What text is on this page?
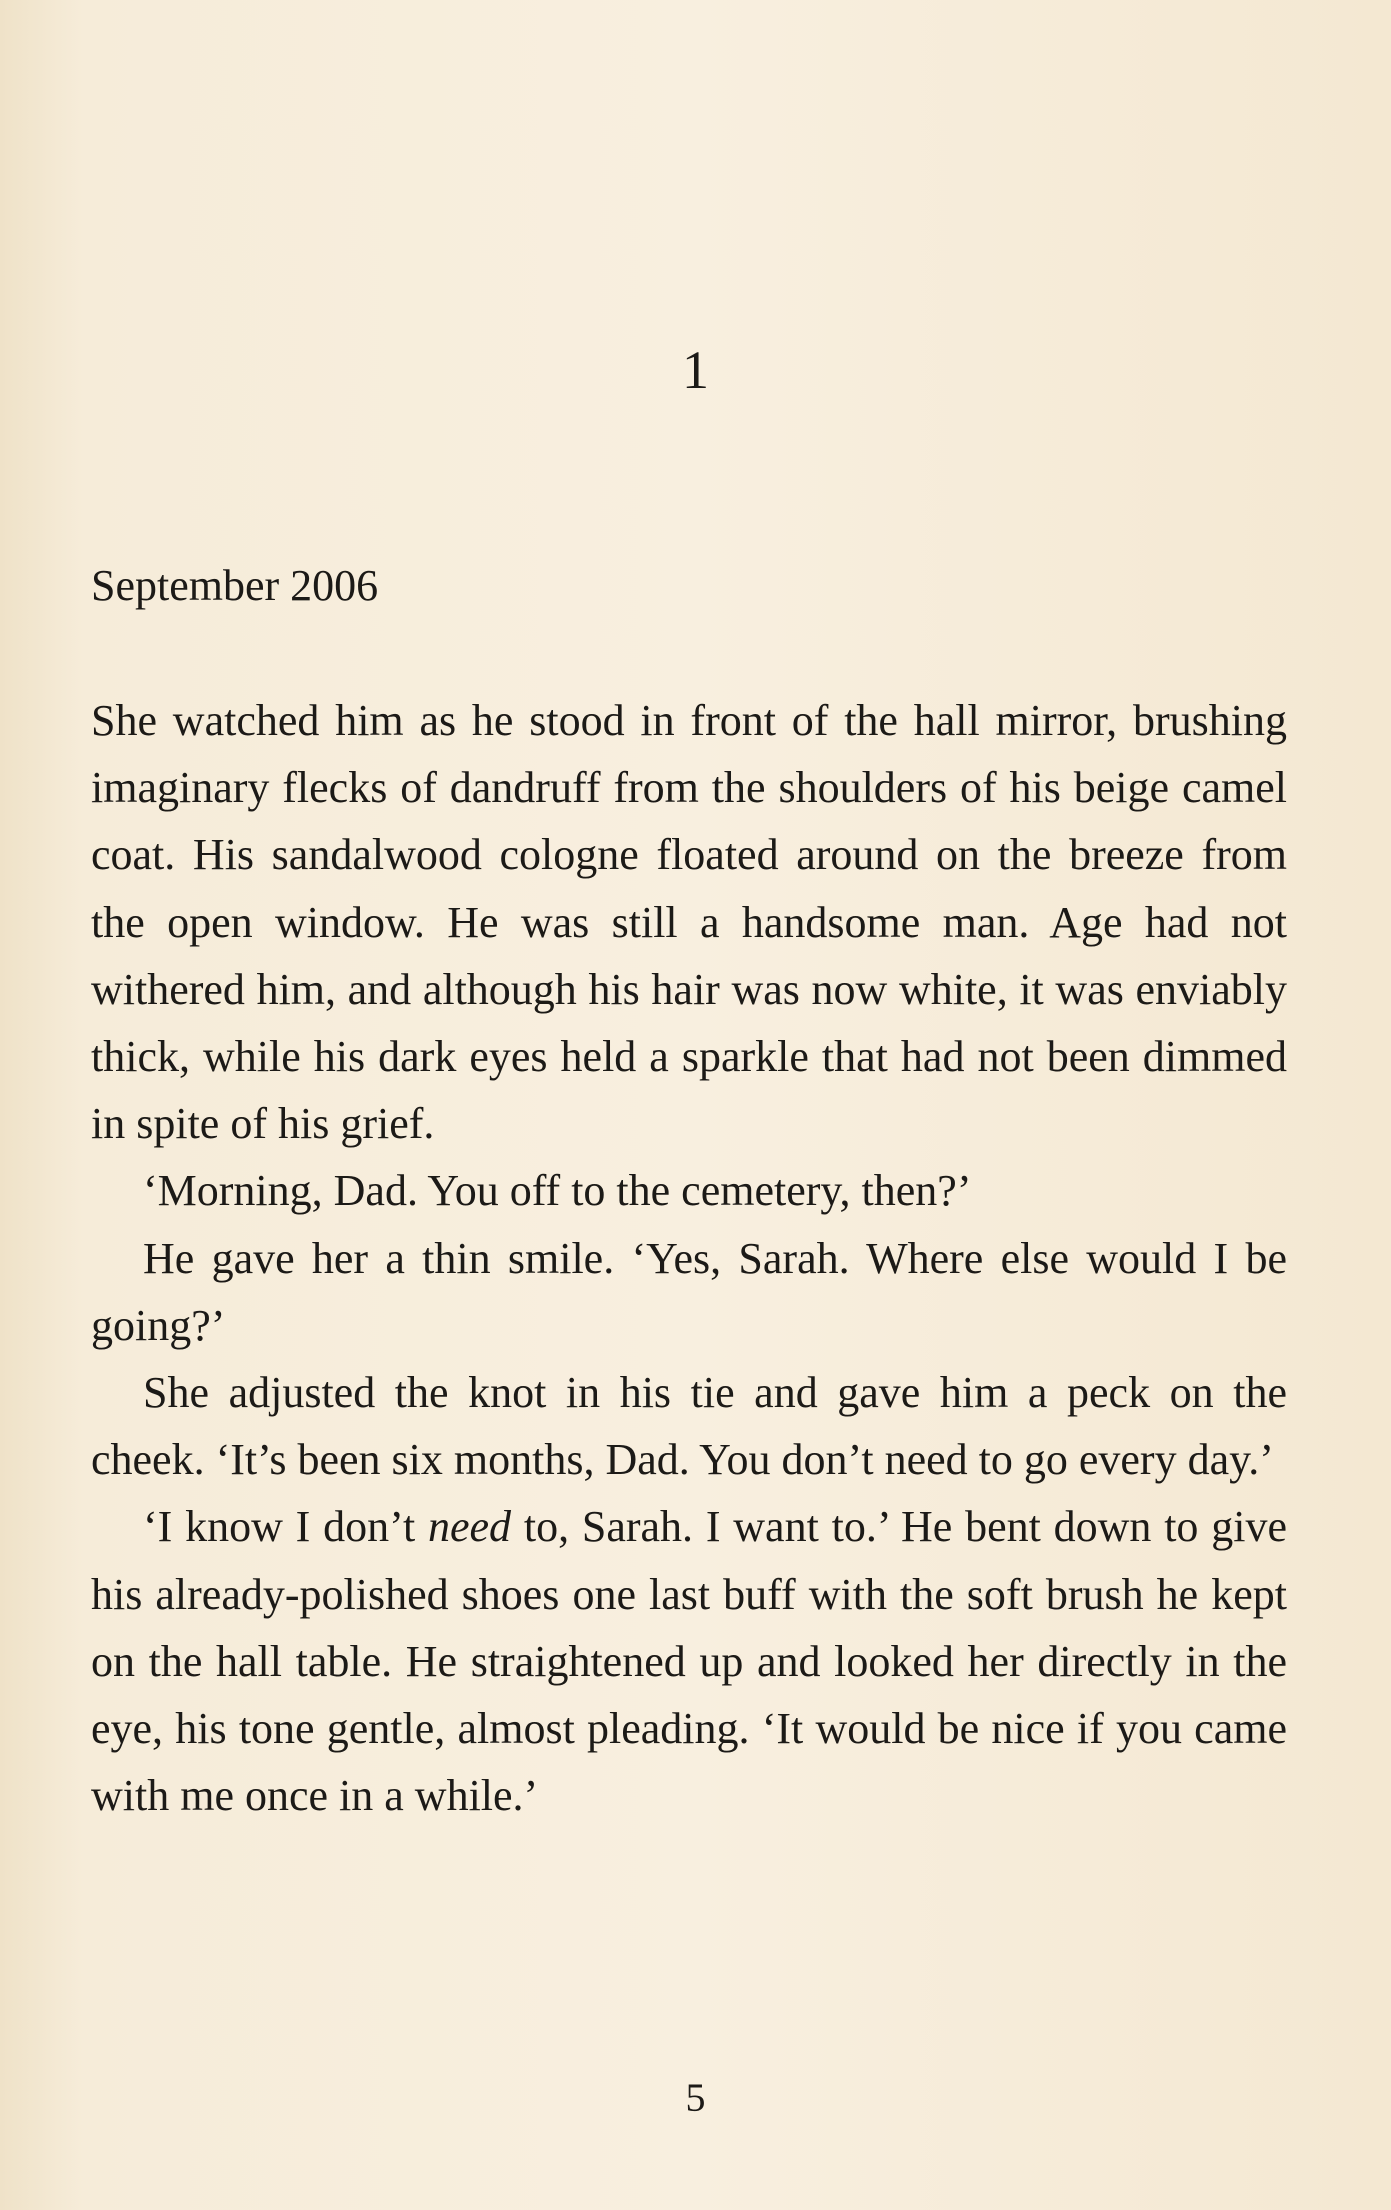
1
September 2006

She watched him as he stood in front of the hall mirror, brushing imaginary flecks of dandruff from the shoulders of his beige camel coat. His sandalwood cologne floated around on the breeze from the open window. He was still a handsome man. Age had not withered him, and although his hair was now white, it was enviably thick, while his dark eyes held a sparkle that had not been dimmed in spite of his grief.

‘Morning, Dad. You off to the cemetery, then?’

He gave her a thin smile. ‘Yes, Sarah. Where else would I be going?’

She adjusted the knot in his tie and gave him a peck on the cheek. ‘It’s been six months, Dad. You don’t need to go every day.’

‘I know I don’t need to, Sarah. I want to.’ He bent down to give his already-polished shoes one last buff with the soft brush he kept on the hall table. He straightened up and looked her directly in the eye, his tone gentle, almost pleading. ‘It would be nice if you came with me once in a while.’

5
